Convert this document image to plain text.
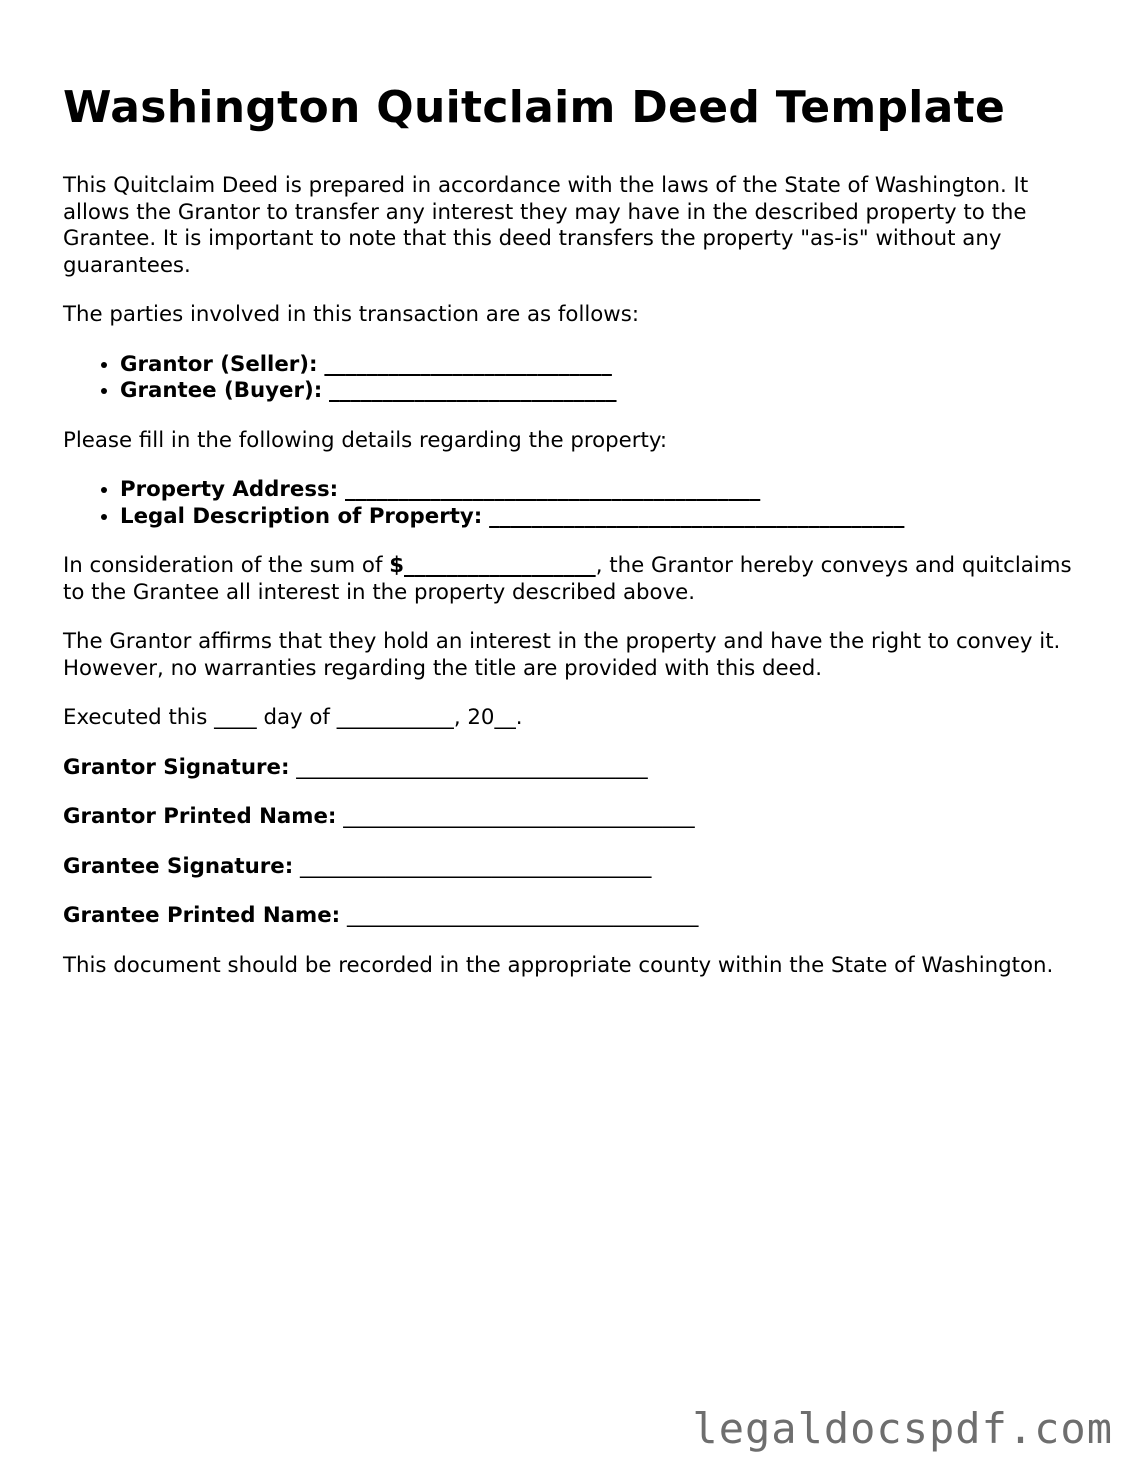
Washington Quitclaim Deed Template

This Quitclaim Deed is prepared in accordance with the laws of the State of Washington. It allows the Grantor to transfer any interest they may have in the described property to the Grantee. It is important to note that this deed transfers the property "as-is" without any guarantees.

The parties involved in this transaction are as follows:

• Grantor (Seller): ___________________________
• Grantee (Buyer): ___________________________

Please fill in the following details regarding the property:

• Property Address: _______________________________________
• Legal Description of Property: _______________________________________

In consideration of the sum of $__________________, the Grantor hereby conveys and quitclaims to the Grantee all interest in the property described above.

The Grantor affirms that they hold an interest in the property and have the right to convey it. However, no warranties regarding the title are provided with this deed.

Executed this ____ day of ___________, 20__.

Grantor Signature: _________________________________
Grantor Printed Name: _________________________________
Grantee Signature: _________________________________
Grantee Printed Name: _________________________________

This document should be recorded in the appropriate county within the State of Washington.

legaldocspdf.com
